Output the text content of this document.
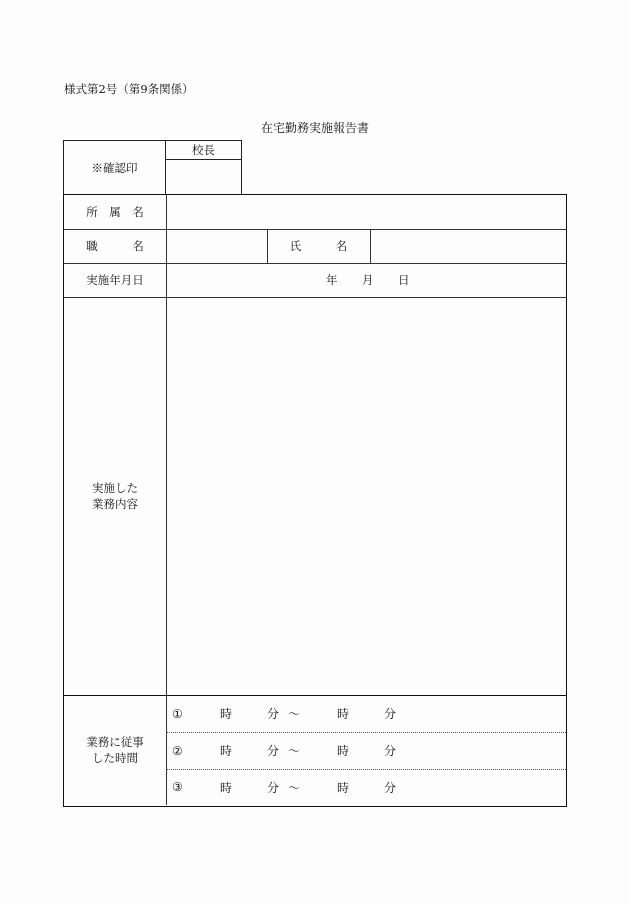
様式第2号（第9条関係）
在宅勤務実施報告書
※確認印
校長
所　属　名
職　　　名	氏　　　名
実施年月日	年 月 日
実施した
業務内容
業務に従事
した時間
①	時	分 〜	時	分
②	時	分 〜	時	分
③	時	分 〜	時	分
